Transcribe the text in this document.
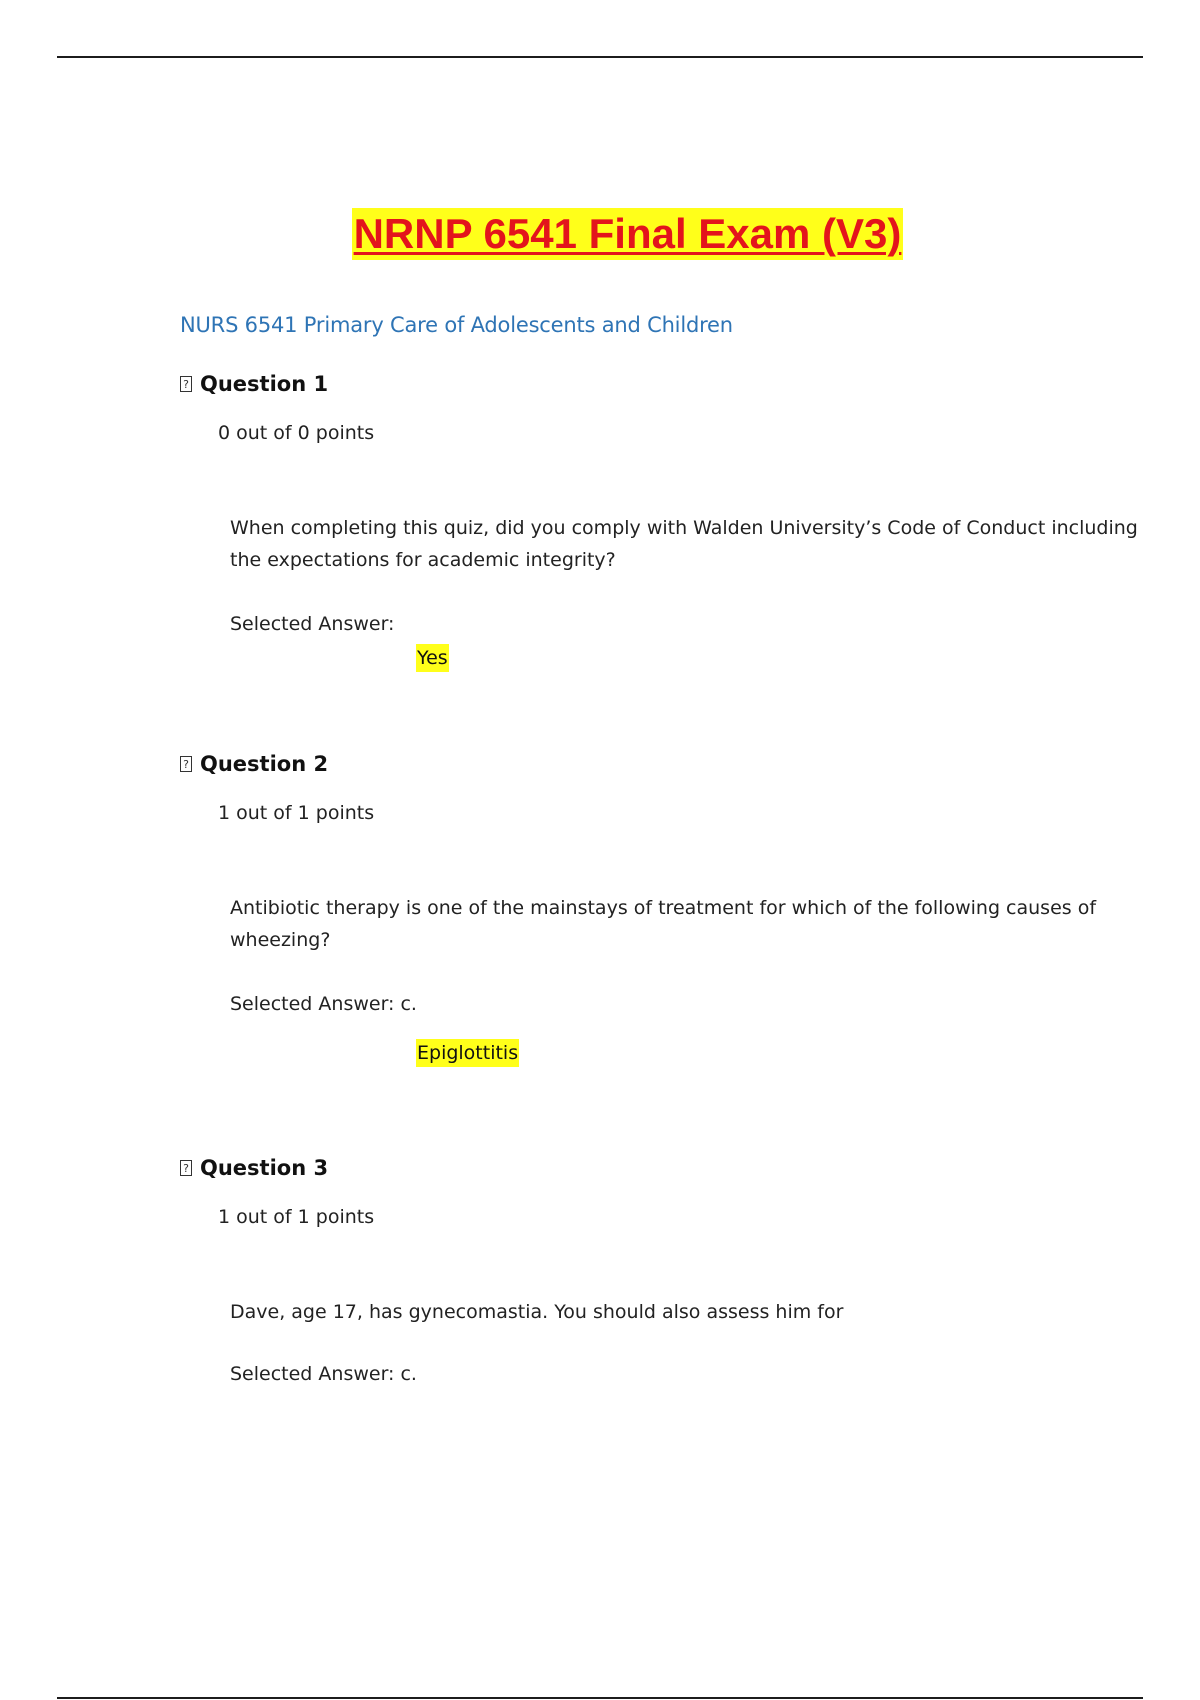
NRNP 6541 Final Exam (V3)
NURS 6541 Primary Care of Adolescents and Children
? Question 1
0 out of 0 points
When completing this quiz, did you comply with Walden University’s Code of Conduct including the expectations for academic integrity?
Selected Answer:
Yes
? Question 2
1 out of 1 points
Antibiotic therapy is one of the mainstays of treatment for which of the following causes of wheezing?
Selected Answer: c.
Epiglottitis
? Question 3
1 out of 1 points
Dave, age 17, has gynecomastia. You should also assess him for
Selected Answer: c.
